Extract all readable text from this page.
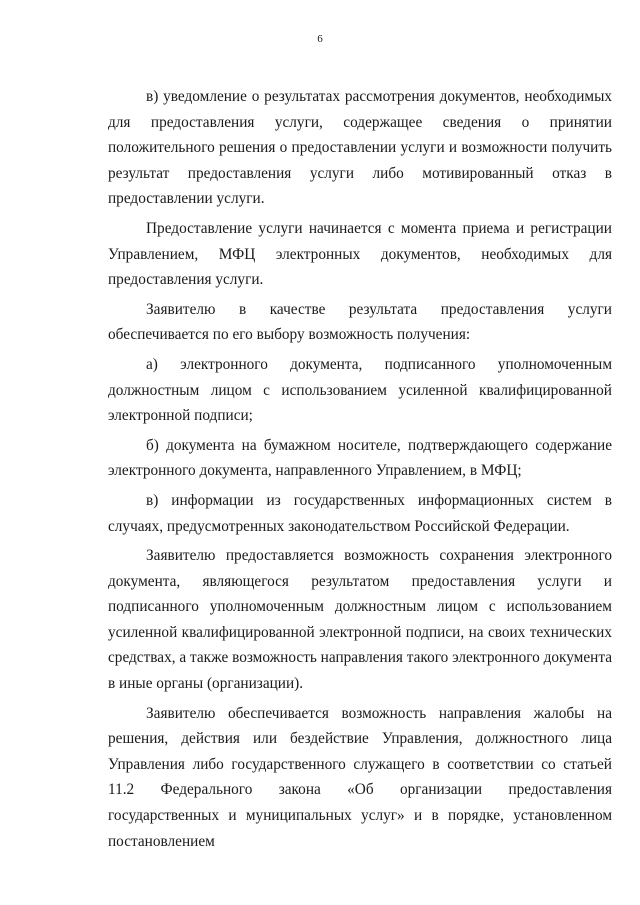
6

в) уведомление о результатах рассмотрения документов, необходимых для предоставления услуги, содержащее сведения о принятии положительного решения о предоставлении услуги и возможности получить результат предоставления услуги либо мотивированный отказ в предоставлении услуги.

Предоставление услуги начинается с момента приема и регистрации Управлением, МФЦ электронных документов, необходимых для предоставления услуги.

Заявителю в качестве результата предоставления услуги обеспечивается по его выбору возможность получения:

а) электронного документа, подписанного уполномоченным должностным лицом с использованием усиленной квалифицированной электронной подписи;

б) документа на бумажном носителе, подтверждающего содержание электронного документа, направленного Управлением, в МФЦ;

в) информации из государственных информационных систем в случаях, предусмотренных законодательством Российской Федерации.

Заявителю предоставляется возможность сохранения электронного документа, являющегося результатом предоставления услуги и подписанного уполномоченным должностным лицом с использованием усиленной квалифицированной электронной подписи, на своих технических средствах, а также возможность направления такого электронного документа в иные органы (организации).

Заявителю обеспечивается возможность направления жалобы на решения, действия или бездействие Управления, должностного лица Управления либо государственного служащего в соответствии со статьей 11.2 Федерального закона «Об организации предоставления государственных и муниципальных услуг» и в порядке, установленном постановлением
